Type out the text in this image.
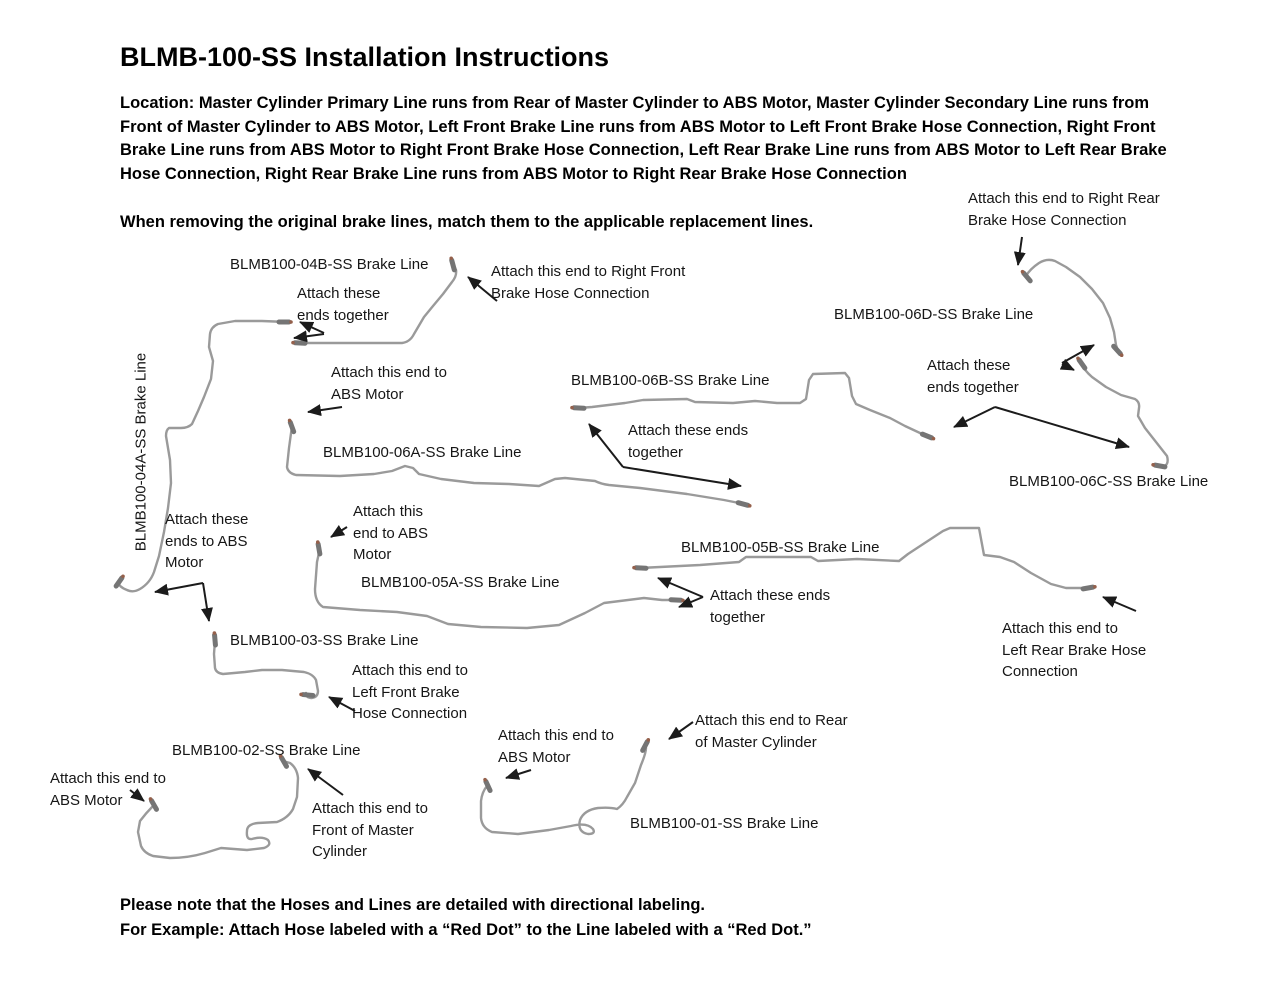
BLMB-100-SS Installation Instructions
Location: Master Cylinder Primary Line runs from Rear of Master Cylinder to ABS Motor, Master Cylinder Secondary Line runs from
Front of Master Cylinder to ABS Motor, Left Front Brake Line runs from ABS Motor to Left Front Brake Hose Connection, Right Front
Brake Line runs from ABS Motor to Right Front Brake Hose Connection, Left Rear Brake Line runs from ABS Motor to Left Rear Brake
Hose Connection, Right Rear Brake Line runs from ABS Motor to Right Rear Brake Hose Connection
When removing the original brake lines, match them to the applicable replacement lines.
BLMB100-04B-SS Brake Line
Attach these
ends together
Attach this end to Right Front
Brake Hose Connection
Attach this end to Right Rear
Brake Hose Connection
BLMB100-06D-SS Brake Line
Attach these
ends together
BLMB100-06B-SS Brake Line
Attach these ends
together
Attach this end to
ABS Motor
BLMB100-06A-SS Brake Line
BLMB100-06C-SS Brake Line
BLMB100-04A-SS Brake Line Attach these
ends to ABS
Motor
Attach this
end to ABS
Motor	BLMB100-05B-SS Brake Line
BLMB100-05A-SS Brake Line
Attach these ends
together
Attach this end to
Left Rear Brake Hose
Connection
BLMB100-03-SS Brake Line
Attach this end to
Left Front Brake
Hose Connection
BLMB100-02-SS Brake Line
Attach this end to
ABS Motor	Attach this end to
Front of Master
Cylinder
Attach this end to
ABS Motor
Attach this end to Rear
of Master Cylinder
BLMB100-01-SS Brake Line
Please note that the Hoses and Lines are detailed with directional labeling.
For Example: Attach Hose labeled with a “Red Dot” to the Line labeled with a “Red Dot.”
